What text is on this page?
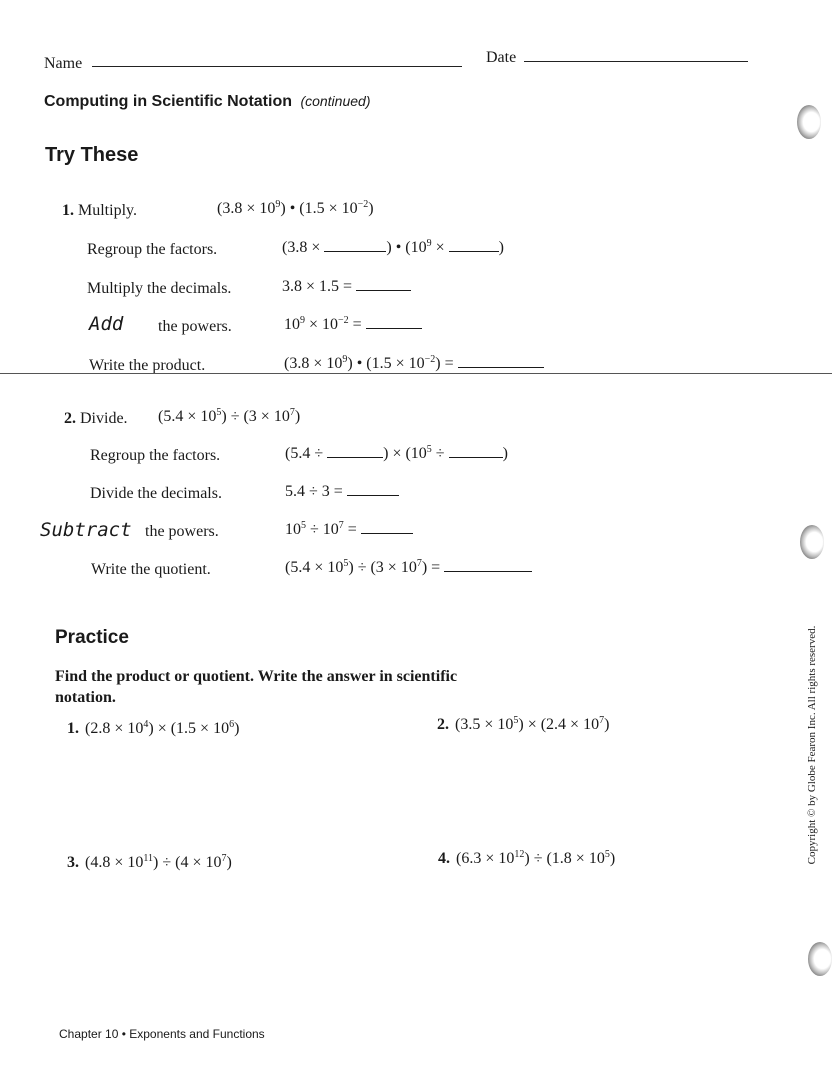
Name	Date
Computing in Scientific Notation (continued)
Try These
1. Multiply.	$(3.8 \times 10^9)$ • $(1.5 \times 10^{-2})$
Regroup the factors.	(3.8 ×	) • ($10^9$ ×	)
Multiply the decimals.	3.8 × 1.5 =
Add the powers.	$10^9 \times 10^{-2}$ =
Write the product.	$(3.8 \times 10^9)$ • $(1.5 \times 10^{-2})$ =
2. Divide. $(5.4 \times 10^5) \div (3 \times 10^7)$
Regroup the factors.	(5.4 ÷	) × ($10^5$ ÷	)
Divide the decimals.	5.4 ÷ 3 =
Subtract the powers.	$10^5 \div 10^7$ =
Write the quotient.	$(5.4 \times 10^5) \div (3 \times 10^7)$ =
Practice
Find the product or quotient. Write the answer in scientific
notation.
1. $(2.8 \times 10^4) \times (1.5 \times 10^6)$	2. $(3.5 \times 10^5) \times (2.4 \times 10^7)$
3. $(4.8 \times 10^{11}) \div (4 \times 10^7)$	4. $(6.3 \times 10^{12}) \div (1.8 \times 10^5)$
Chapter 10 • Exponents and Functions
Copyright © by Globe Fearon Inc. All rights reserved.
